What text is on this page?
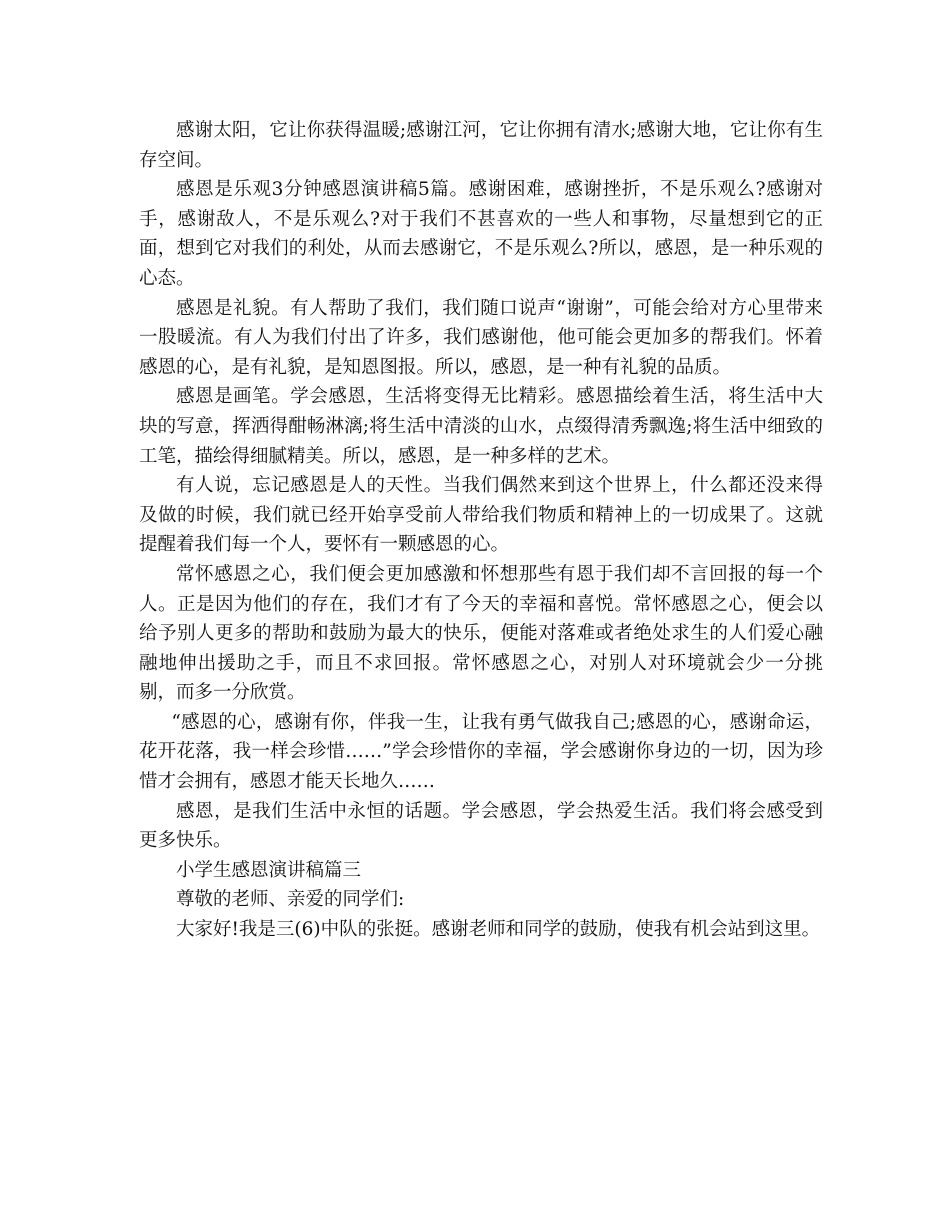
感谢太阳，它让你获得温暖;感谢江河，它让你拥有清水;感谢大地，它让你有生存空间。

感恩是乐观3分钟感恩演讲稿5篇。感谢困难，感谢挫折，不是乐观么?感谢对手，感谢敌人，不是乐观么?对于我们不甚喜欢的一些人和事物，尽量想到它的正面，想到它对我们的利处，从而去感谢它，不是乐观么?所以，感恩，是一种乐观的心态。

感恩是礼貌。有人帮助了我们，我们随口说声“谢谢”，可能会给对方心里带来一股暖流。有人为我们付出了许多，我们感谢他，他可能会更加多的帮我们。怀着感恩的心，是有礼貌，是知恩图报。所以，感恩，是一种有礼貌的品质。

感恩是画笔。学会感恩，生活将变得无比精彩。感恩描绘着生活，将生活中大块的写意，挥洒得酣畅淋漓;将生活中清淡的山水，点缀得清秀飘逸;将生活中细致的工笔，描绘得细腻精美。所以，感恩，是一种多样的艺术。

有人说，忘记感恩是人的天性。当我们偶然来到这个世界上，什么都还没来得及做的时候，我们就已经开始享受前人带给我们物质和精神上的一切成果了。这就提醒着我们每一个人，要怀有一颗感恩的心。

常怀感恩之心，我们便会更加感激和怀想那些有恩于我们却不言回报的每一个人。正是因为他们的存在，我们才有了今天的幸福和喜悦。常怀感恩之心，便会以给予别人更多的帮助和鼓励为最大的快乐，便能对落难或者绝处求生的人们爱心融融地伸出援助之手，而且不求回报。常怀感恩之心，对别人对环境就会少一分挑剔，而多一分欣赏。

“感恩的心，感谢有你，伴我一生，让我有勇气做我自己;感恩的心，感谢命运，花开花落，我一样会珍惜……”学会珍惜你的幸福，学会感谢你身边的一切，因为珍惜才会拥有，感恩才能天长地久……

感恩，是我们生活中永恒的话题。学会感恩，学会热爱生活。我们将会感受到更多快乐。

小学生感恩演讲稿篇三

尊敬的老师、亲爱的同学们:

大家好!我是三(6)中队的张挺。感谢老师和同学的鼓励，使我有机会站到这里。
